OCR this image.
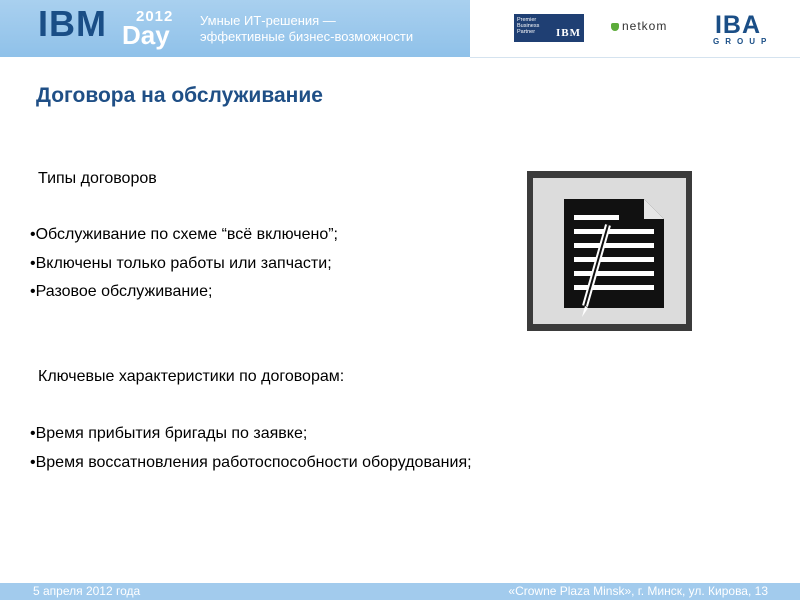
IBM 2012
Day Умные ИТ-решения —
эффективные бизнес-возможности
Premier
Business
Partner	IBM	netkom IBA
GROUP
Договора на обслуживание
Типы договоров
• Обслуживание по схеме “всё включено”;
• Включены только работы или запчасти;
• Разовое обслуживание;
Ключевые характеристики по договорам:
• Время прибытия бригады по заявке;
• Время воссатновления работоспособности оборудования;
5 апреля 2012 года	«Crowne Plaza Minsk», г. Минск, ул. Кирова, 13
